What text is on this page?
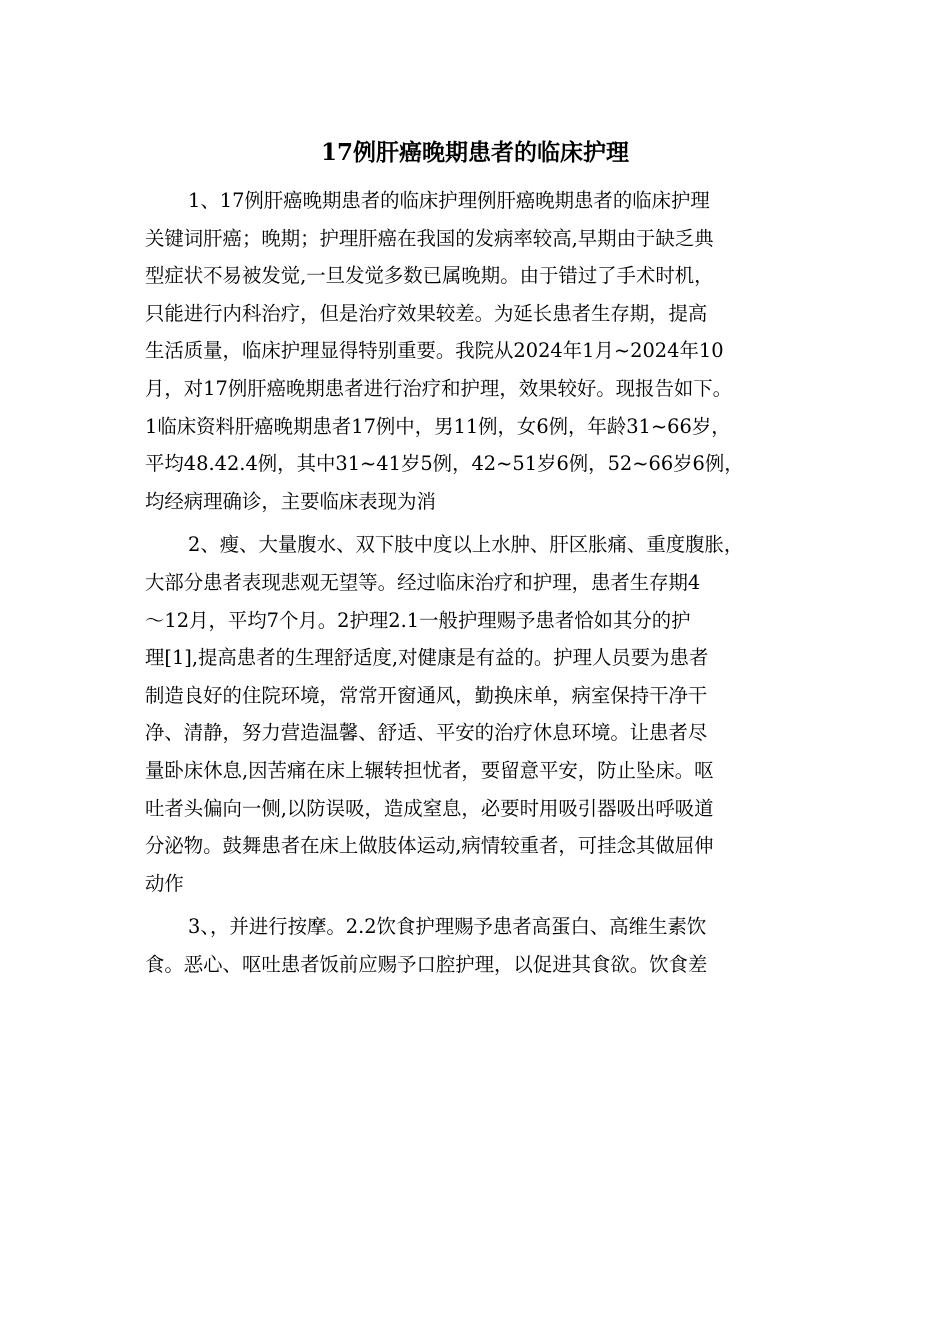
17例肝癌晚期患者的临床护理
1、17例肝癌晚期患者的临床护理例肝癌晚期患者的临床护理
关键词肝癌；晚期；护理肝癌在我国的发病率较高,早期由于缺乏典
型症状不易被发觉,一旦发觉多数已属晚期。由于错过了手术时机，
只能进行内科治疗，但是治疗效果较差。为延长患者生存期，提高
生活质量，临床护理显得特别重要。我院从2024年1月~2024年10
月，对17例肝癌晚期患者进行治疗和护理，效果较好。现报告如下。
1临床资料肝癌晚期患者17例中，男11例，女6例，年龄31~66岁，
平均48.42.4例，其中31~41岁5例，42~51岁6例，52~66岁6例，
均经病理确诊，主要临床表现为消
2、瘦、大量腹水、双下肢中度以上水肿、肝区胀痛、重度腹胀，
大部分患者表现悲观无望等。经过临床治疗和护理，患者生存期4
～12月，平均7个月。2护理2.1一般护理赐予患者恰如其分的护
理[1],提高患者的生理舒适度,对健康是有益的。护理人员要为患者
制造良好的住院环境，常常开窗通风，勤换床单，病室保持干净干
净、清静，努力营造温馨、舒适、平安的治疗休息环境。让患者尽
量卧床休息,因苦痛在床上辗转担忧者，要留意平安，防止坠床。呕
吐者头偏向一侧,以防误吸，造成窒息，必要时用吸引器吸出呼吸道
分泌物。鼓舞患者在床上做肢体运动,病情较重者，可挂念其做屈伸
动作
3、，并进行按摩。2.2饮食护理赐予患者高蛋白、高维生素饮
食。恶心、呕吐患者饭前应赐予口腔护理，以促进其食欲。饮食差
